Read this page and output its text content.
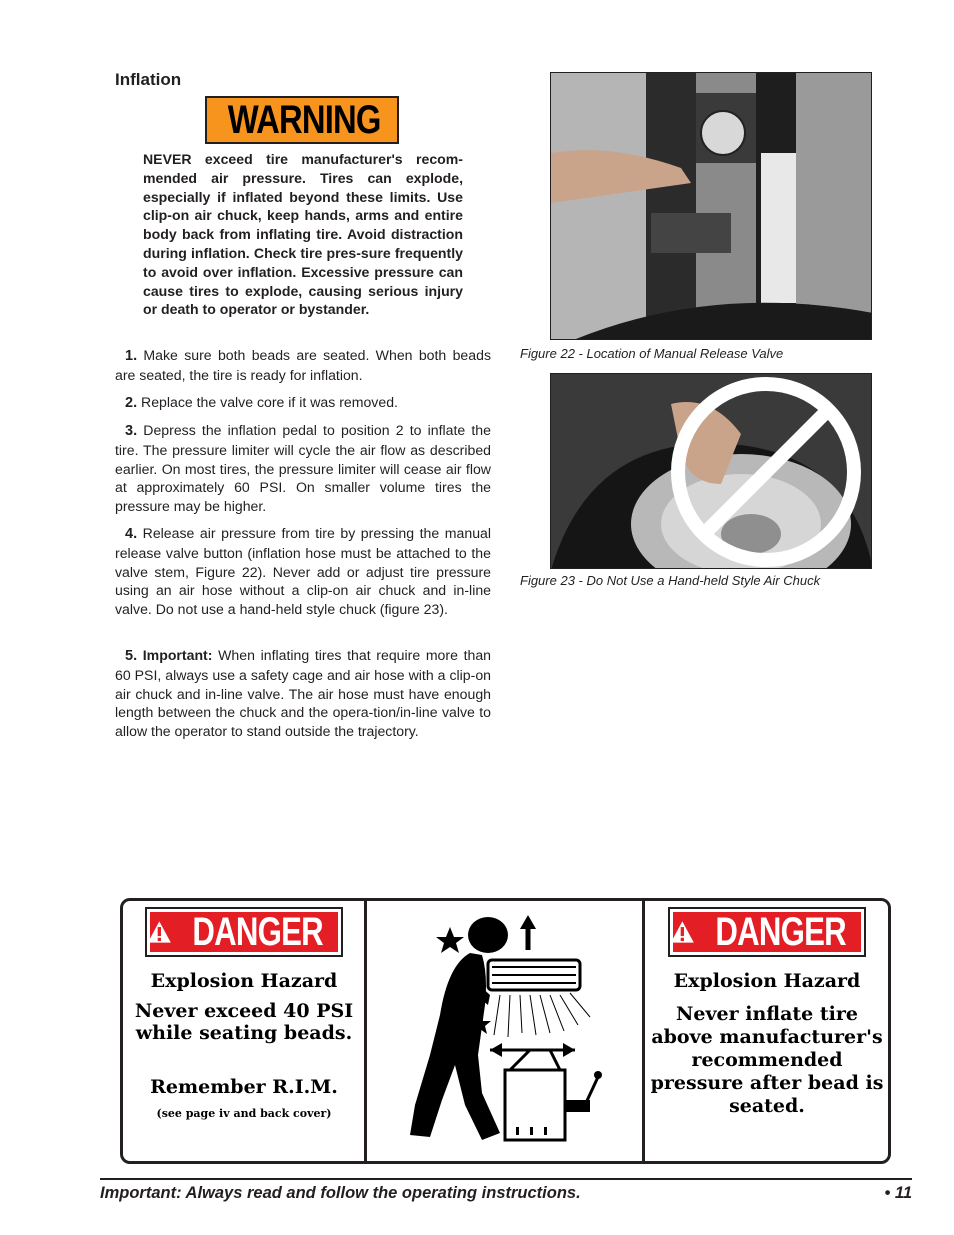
Inflation
WARNING
NEVER exceed tire manufacturer's recom-mended air pressure. Tires can explode, especially if inflated beyond these limits. Use clip-on air chuck, keep hands, arms and entire body back from inflating tire. Avoid distraction during inflation. Check tire pres-sure frequently to avoid over inflation. Excessive pressure can cause tires to explode, causing serious injury or death to operator or bystander.
1. Make sure both beads are seated. When both beads are seated, the tire is ready for inflation.
2. Replace the valve core if it was removed.
3. Depress the inflation pedal to position 2 to inflate the tire. The pressure limiter will cycle the air flow as described earlier. On most tires, the pressure limiter will cease air flow at approximately 60 PSI. On smaller volume tires the pressure may be higher.
4. Release air pressure from tire by pressing the manual release valve button (inflation hose must be attached to the valve stem, Figure 22). Never add or adjust tire pressure using an air hose without a clip-on air chuck and in-line valve. Do not use a hand-held style chuck (figure 23).
5. Important: When inflating tires that require more than 60 PSI, always use a safety cage and air hose with a clip-on air chuck and in-line valve. The air hose must have enough length between the chuck and the opera-tion/in-line valve to allow the operator to stand outside the trajectory.
Figure 22 - Location of Manual Release Valve
Figure 23 - Do Not Use a Hand-held Style Air Chuck
DANGER
Explosion Hazard
Never exceed 40 PSI while seating beads.
Remember R.I.M.
(see page iv and back cover)
DANGER
Explosion Hazard
Never inflate tire above manufacturer's recommended pressure after bead is seated.
Important: Always read and follow the operating instructions.	• 11
